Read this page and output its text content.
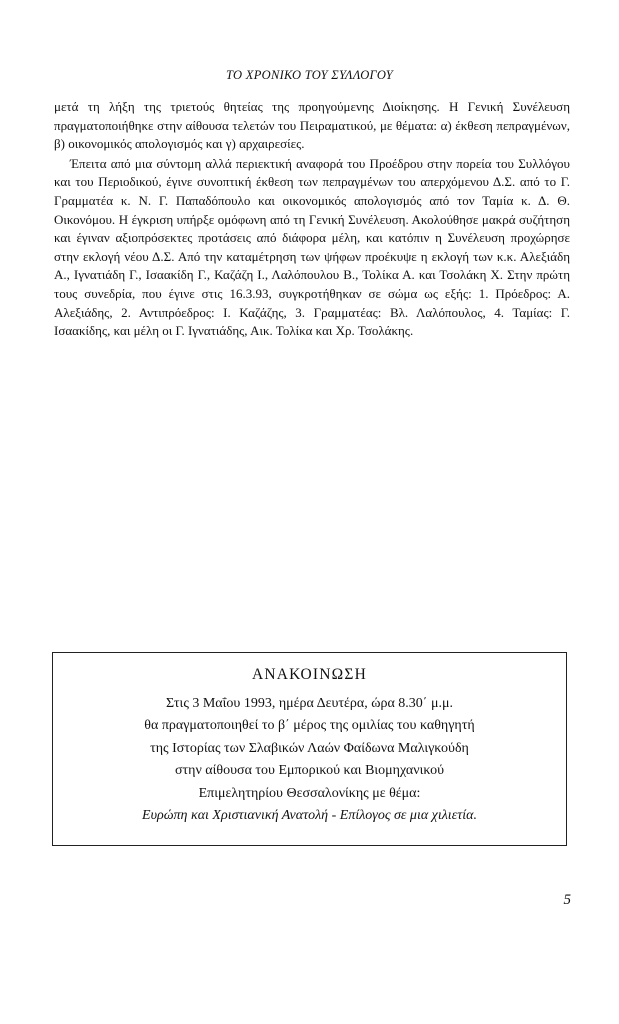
ΤΟ ΧΡΟΝΙΚΟ ΤΟΥ ΣΥΛΛΟΓΟΥ

μετά τη λήξη της τριετούς θητείας της προηγούμενης Διοίκησης. Η Γενική Συνέλευση πραγματοποιήθηκε στην αίθουσα τελετών του Πειραματικού, με θέματα: α) έκθεση πεπραγμένων, β) οικονομικός απολογισμός και γ) αρχαιρεσίες.

Έπειτα από μια σύντομη αλλά περιεκτική αναφορά του Προέδρου στην πορεία του Συλλόγου και του Περιοδικού, έγινε συνοπτική έκθεση των πεπραγμένων του απερχόμενου Δ.Σ. από το Γ. Γραμματέα κ. Ν. Γ. Παπαδόπουλο και οικονομικός απολογισμός από τον Ταμία κ. Δ. Θ. Οικονόμου. Η έγκριση υπήρξε ομόφωνη από τη Γενική Συνέλευση. Ακολούθησε μακρά συζήτηση και έγιναν αξιοπρόσεκτες προτάσεις από διάφορα μέλη, και κατόπιν η Συνέλευση προχώρησε στην εκλογή νέου Δ.Σ. Από την καταμέτρηση των ψήφων προέκυψε η εκλογή των κ.κ. Αλεξιάδη Α., Ιγνατιάδη Γ., Ισαακίδη Γ., Καζάζη Ι., Λαλόπουλου Β., Τολίκα Α. και Τσολάκη Χ. Στην πρώτη τους συνεδρία, που έγινε στις 16.3.93, συγκροτήθηκαν σε σώμα ως εξής: 1. Πρόεδρος: Α. Αλεξιάδης, 2. Αντιπρόεδρος: Ι. Καζάζης, 3. Γραμματέας: Βλ. Λαλόπουλος, 4. Ταμίας: Γ. Ισαακίδης, και μέλη οι Γ. Ιγνατιάδης, Αικ. Τολίκα και Χρ. Τσολάκης.

ΑΝΑΚΟΙΝΩΣΗ
Στις 3 Μαΐου 1993, ημέρα Δευτέρα, ώρα 8.30΄ μ.μ.
θα πραγματοποιηθεί το β΄ μέρος της ομιλίας του καθηγητή
της Ιστορίας των Σλαβικών Λαών Φαίδωνα Μαλιγκούδη
στην αίθουσα του Εμπορικού και Βιομηχανικού
Επιμελητηρίου Θεσσαλονίκης με θέμα:
Ευρώπη και Χριστιανική Ανατολή - Επίλογος σε μια χιλιετία.
5
